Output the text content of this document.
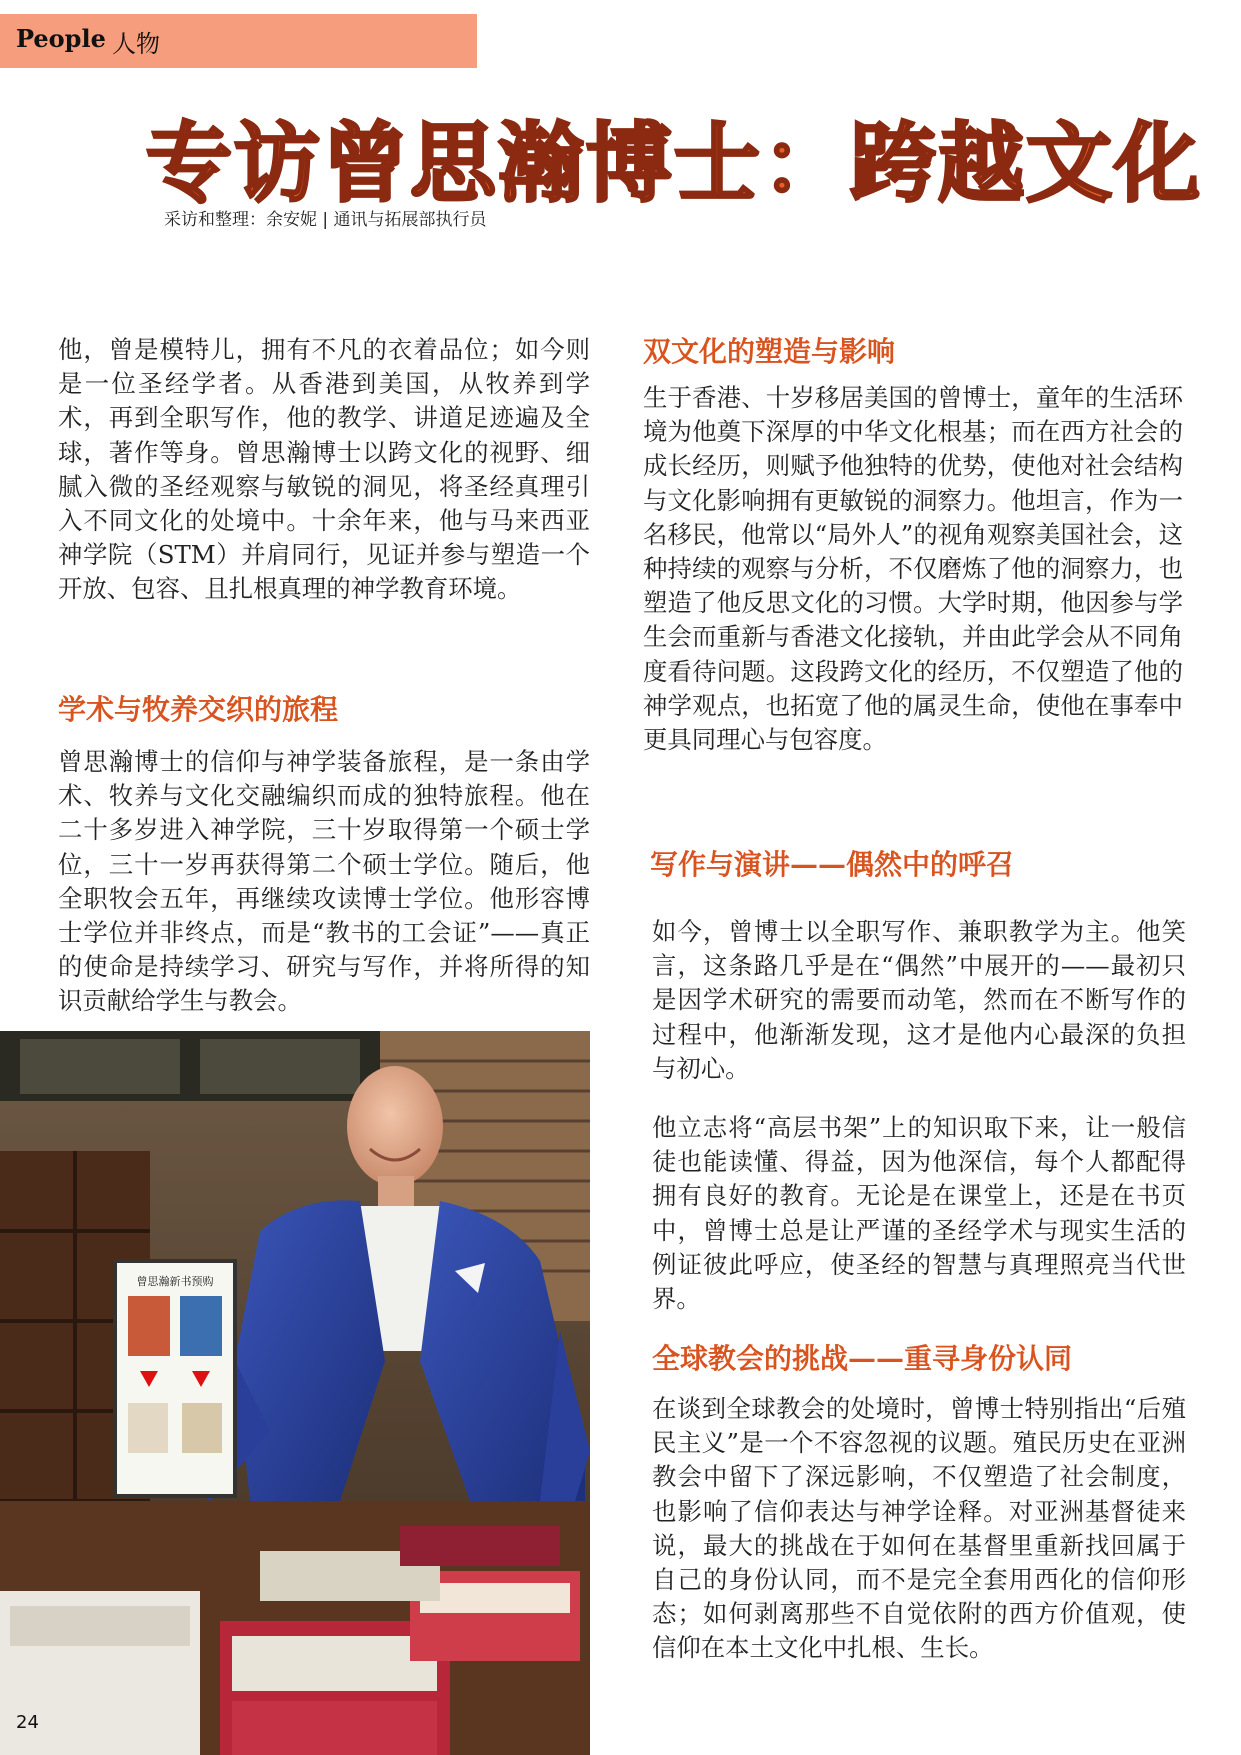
People 人物
专访曾思瀚博士：跨越文化
采访和整理：余安妮 | 通讯与拓展部执行员

他，曾是模特儿，拥有不凡的衣着品位；如今则是一位圣经学者。从香港到美国，从牧养到学术，再到全职写作，他的教学、讲道足迹遍及全球，著作等身。曾思瀚博士以跨文化的视野、细腻入微的圣经观察与敏锐的洞见，将圣经真理引入不同文化的处境中。十余年来，他与马来西亚神学院（STM）并肩同行，见证并参与塑造一个开放、包容、且扎根真理的神学教育环境。

学术与牧养交织的旅程

曾思瀚博士的信仰与神学装备旅程，是一条由学术、牧养与文化交融编织而成的独特旅程。他在二十多岁进入神学院，三十岁取得第一个硕士学位，三十一岁再获得第二个硕士学位。随后，他全职牧会五年，再继续攻读博士学位。他形容博士学位并非终点，而是“教书的工会证”——真正的使命是持续学习、研究与写作，并将所得的知识贡献给学生与教会。

双文化的塑造与影响

生于香港、十岁移居美国的曾博士，童年的生活环境为他奠下深厚的中华文化根基；而在西方社会的成长经历，则赋予他独特的优势，使他对社会结构与文化影响拥有更敏锐的洞察力。他坦言，作为一名移民，他常以“局外人”的视角观察美国社会，这种持续的观察与分析，不仅磨炼了他的洞察力，也塑造了他反思文化的习惯。大学时期，他因参与学生会而重新与香港文化接轨，并由此学会从不同角度看待问题。这段跨文化的经历，不仅塑造了他的神学观点，也拓宽了他的属灵生命，使他在事奉中更具同理心与包容度。

写作与演讲——偶然中的呼召

如今，曾博士以全职写作、兼职教学为主。他笑言，这条路几乎是在“偶然”中展开的——最初只是因学术研究的需要而动笔，然而在不断写作的过程中，他渐渐发现，这才是他内心最深的负担与初心。

他立志将“高层书架”上的知识取下来，让一般信徒也能读懂、得益，因为他深信，每个人都配得拥有良好的教育。无论是在课堂上，还是在书页中，曾博士总是让严谨的圣经学术与现实生活的例证彼此呼应，使圣经的智慧与真理照亮当代世界。

全球教会的挑战——重寻身份认同

在谈到全球教会的处境时，曾博士特别指出“后殖民主义”是一个不容忽视的议题。殖民历史在亚洲教会中留下了深远影响，不仅塑造了社会制度，也影响了信仰表达与神学诠释。对亚洲基督徒来说，最大的挑战在于如何在基督里重新找回属于自己的身份认同，而不是完全套用西化的信仰形态；如何剥离那些不自觉依附的西方价值观，使信仰在本土文化中扎根、生长。

曾思瀚新书预购
24
